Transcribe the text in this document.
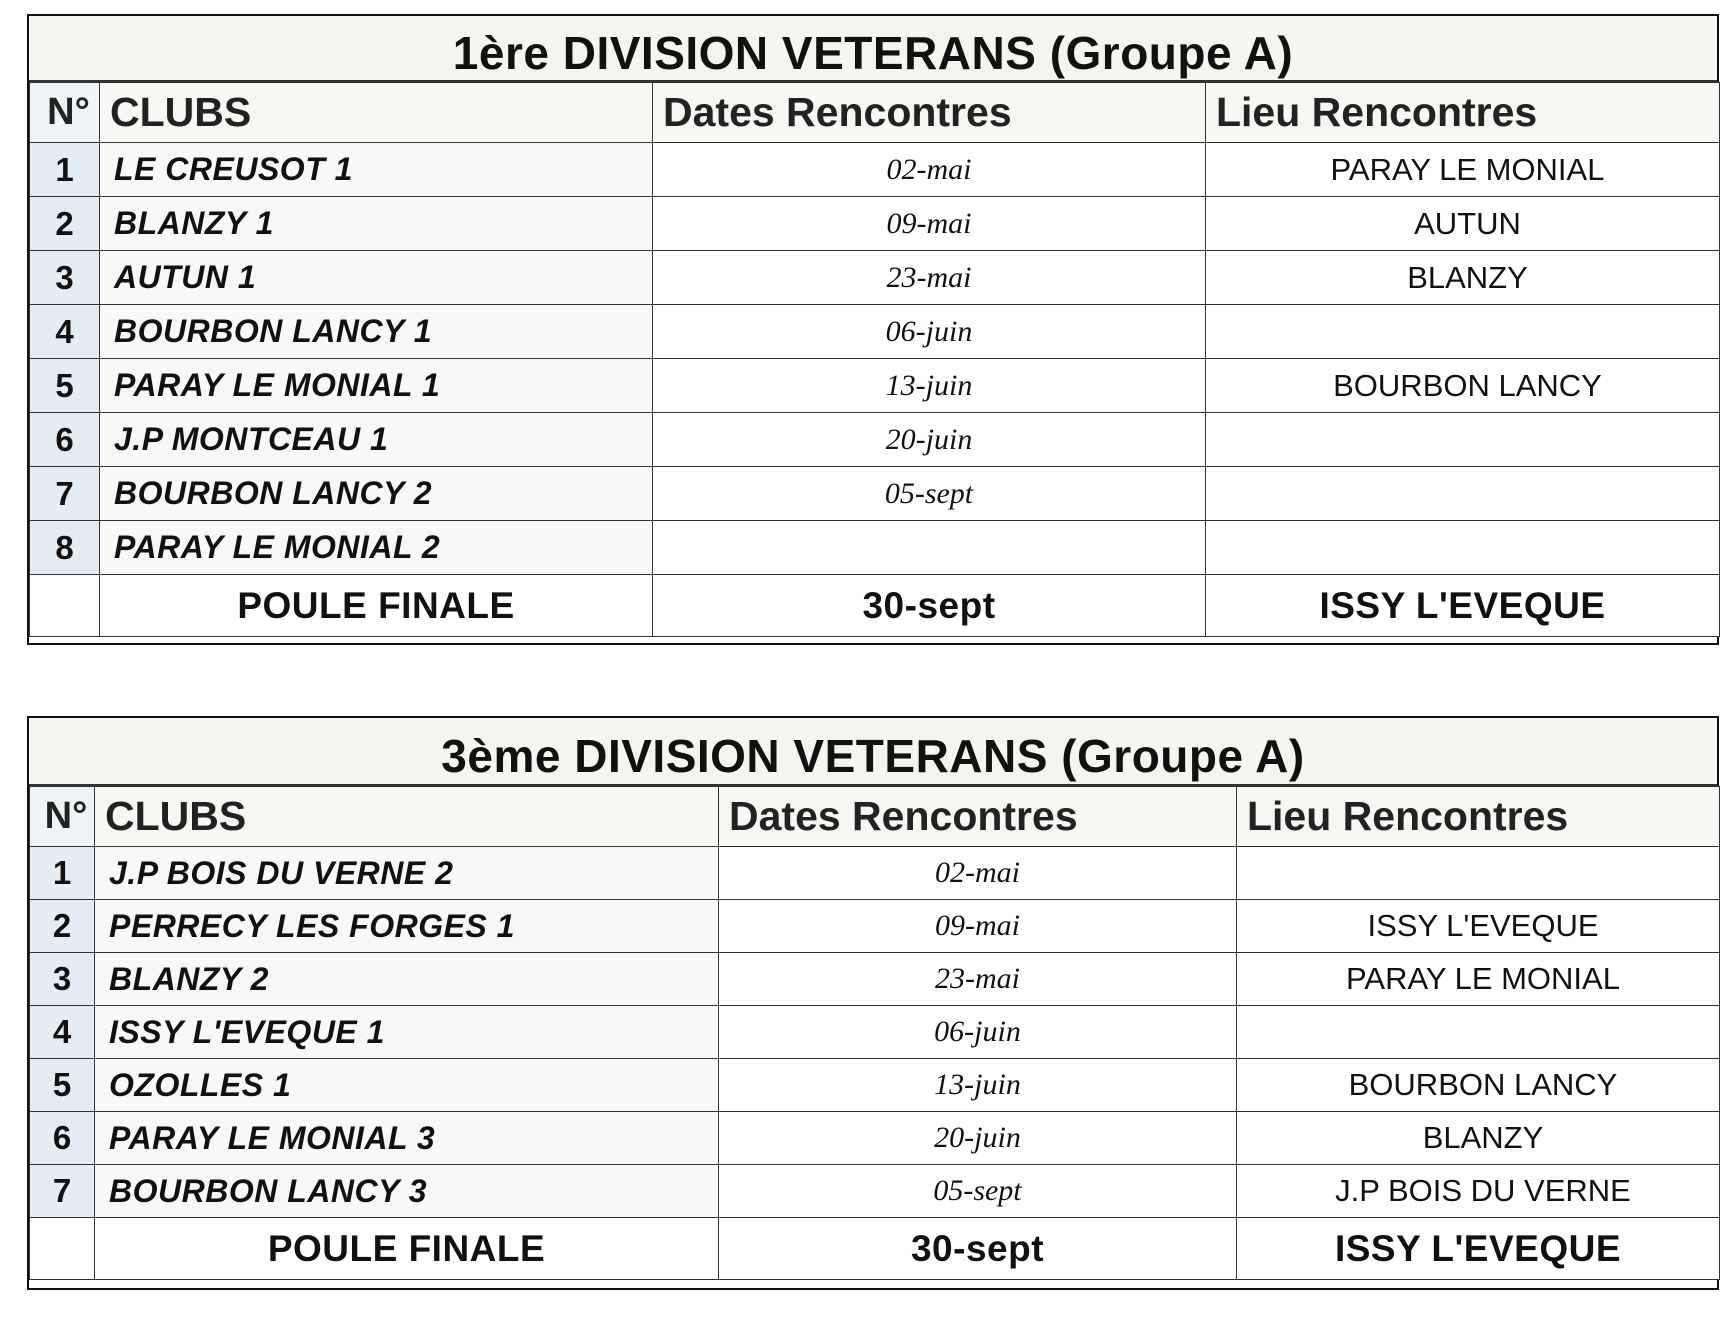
1ère DIVISION VETERANS (Groupe A)
N°	CLUBS	Dates Rencontres	Lieu Rencontres
1	LE CREUSOT 1	02-mai	PARAY LE MONIAL
2	BLANZY 1	09-mai	AUTUN
3	AUTUN 1	23-mai	BLANZY
4	BOURBON LANCY 1	06-juin	
5	PARAY LE MONIAL 1	13-juin	BOURBON LANCY
6	J.P MONTCEAU 1	20-juin	
7	BOURBON LANCY 2	05-sept	
8	PARAY LE MONIAL 2		
	POULE FINALE	30-sept	ISSY L'EVEQUE
3ème DIVISION VETERANS (Groupe A)
N°	CLUBS	Dates Rencontres	Lieu Rencontres
1	J.P BOIS DU VERNE 2	02-mai	
2	PERRECY LES FORGES 1	09-mai	ISSY L'EVEQUE
3	BLANZY 2	23-mai	PARAY LE MONIAL
4	ISSY L'EVEQUE 1	06-juin	
5	OZOLLES 1	13-juin	BOURBON LANCY
6	PARAY LE MONIAL 3	20-juin	BLANZY
7	BOURBON LANCY 3	05-sept	J.P BOIS DU VERNE
	POULE FINALE	30-sept	ISSY L'EVEQUE
